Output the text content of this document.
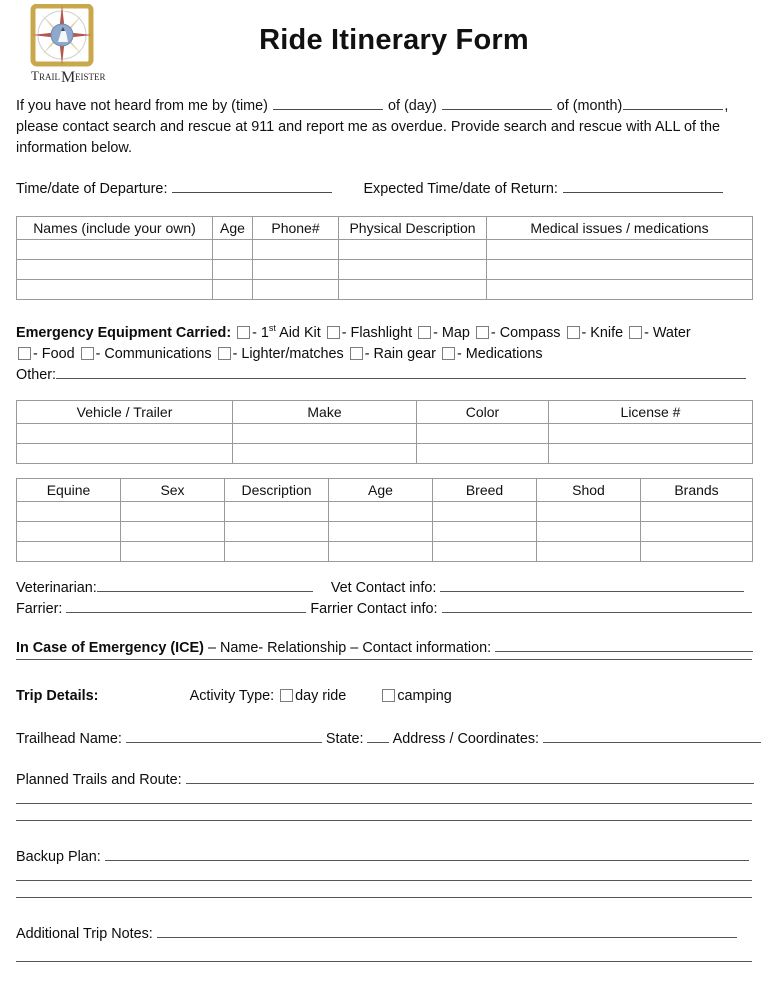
T RAIL M EISTER
Ride Itinerary Form
If you have not heard from me by (time)	of (day)	of (month)	,
please contact search and rescue at 911 and report me as overdue. Provide search and rescue with ALL of the
information below.
Time/date of Departure:	Expected Time/date of Return:
Names (include your own)	Age	Phone#	Physical Description	Medical issues / medications

Emergency Equipment Carried: - 1st Aid Kit - Flashlight - Map - Compass - Knife - Water
- Food - Communications - Lighter/matches - Rain gear - Medications
Other:
Vehicle / Trailer	Make	Color	License #

Equine	Sex	Description	Age	Breed	Shod	Brands

Veterinarian:	Vet Contact info:
Farrier:	Farrier Contact info:
In Case of Emergency (ICE) – Name- Relationship – Contact information:
Trip Details:	Activity Type: day ride	camping
Trailhead Name:	State: Address / Coordinates:
Planned Trails and Route:
Backup Plan:
Additional Trip Notes:
